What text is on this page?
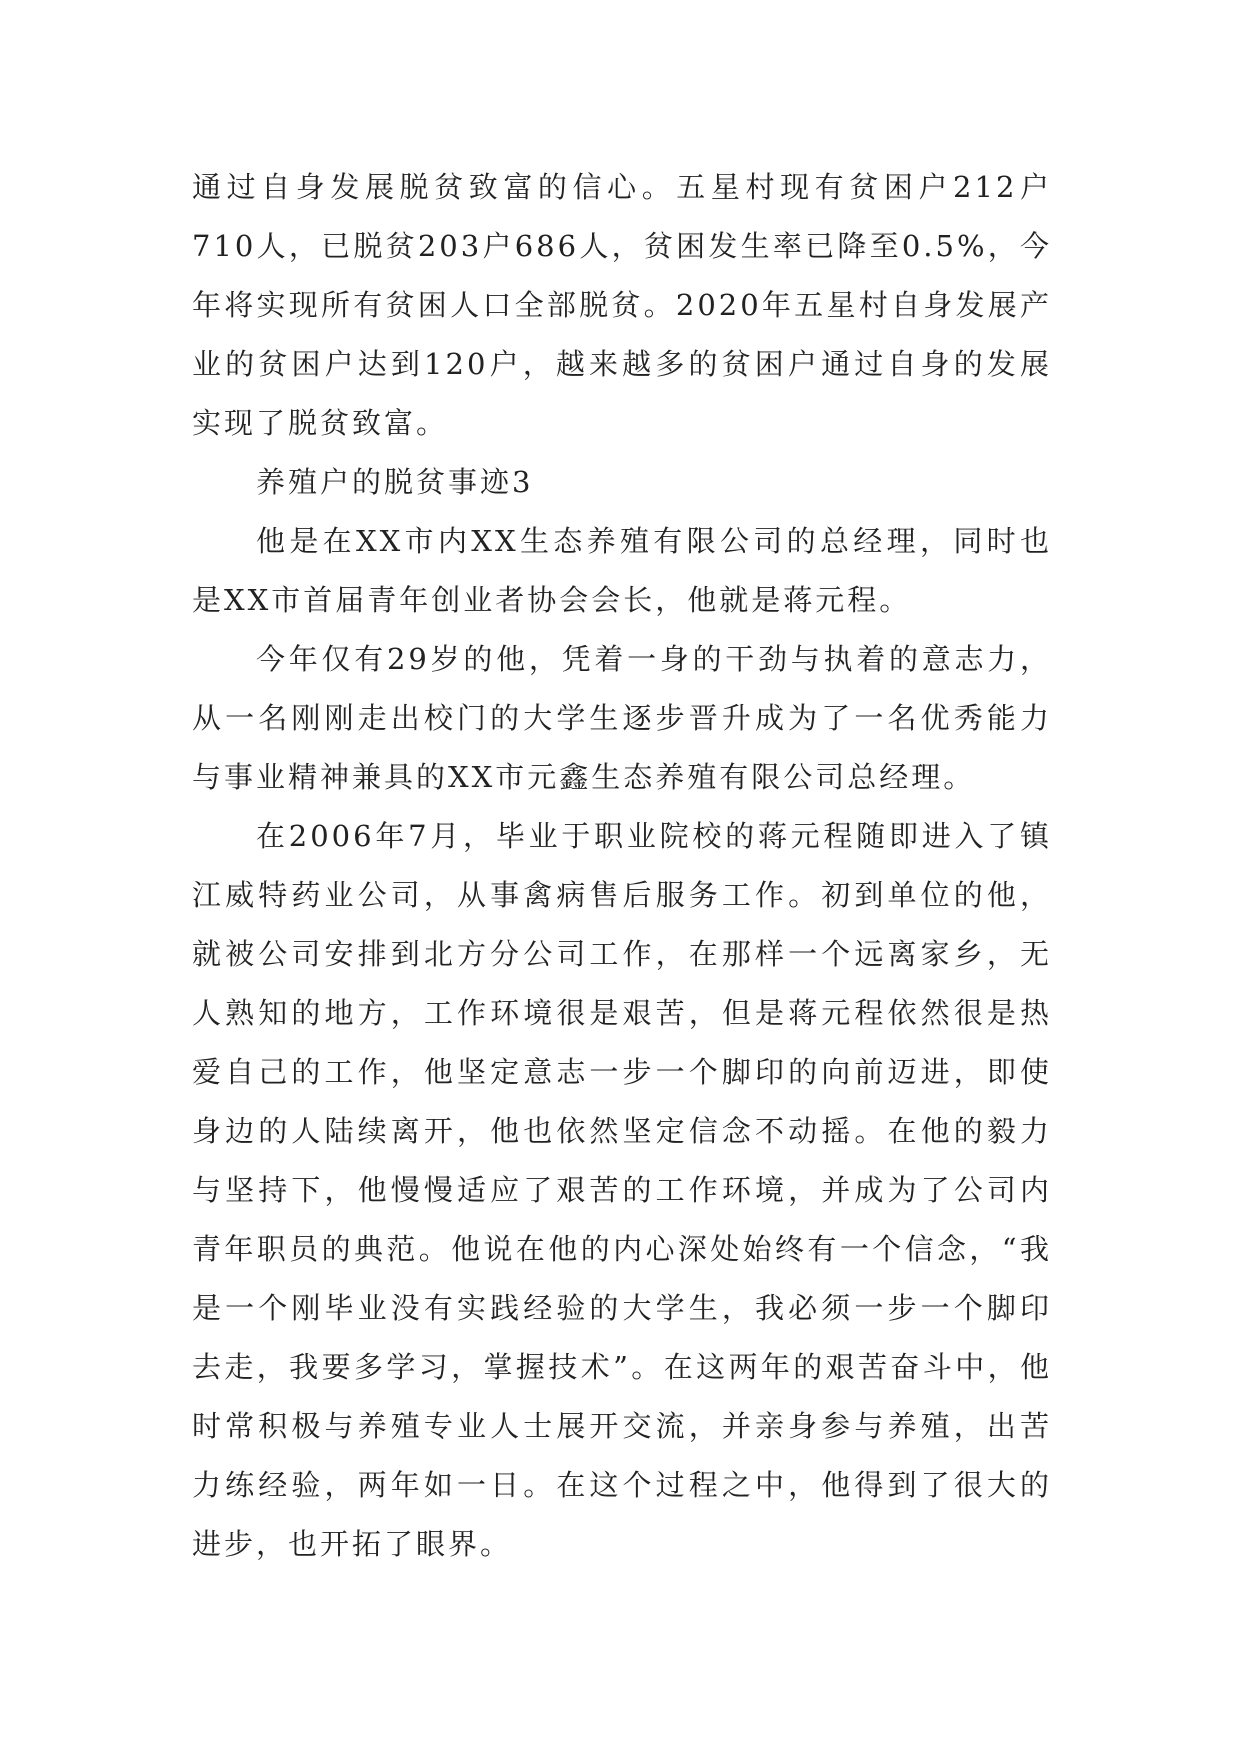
通过自身发展脱贫致富的信心。五星村现有贫困户212户710人，已脱贫203户686人，贫困发生率已降至0.5%，今年将实现所有贫困人口全部脱贫。2020年五星村自身发展产业的贫困户达到120户，越来越多的贫困户通过自身的发展实现了脱贫致富。

养殖户的脱贫事迹3

他是在XX市内XX生态养殖有限公司的总经理，同时也是XX市首届青年创业者协会会长，他就是蒋元程。

今年仅有29岁的他，凭着一身的干劲与执着的意志力，从一名刚刚走出校门的大学生逐步晋升成为了一名优秀能力与事业精神兼具的XX市元鑫生态养殖有限公司总经理。

在2006年7月，毕业于职业院校的蒋元程随即进入了镇江威特药业公司，从事禽病售后服务工作。初到单位的他，就被公司安排到北方分公司工作，在那样一个远离家乡，无人熟知的地方，工作环境很是艰苦，但是蒋元程依然很是热爱自己的工作，他坚定意志一步一个脚印的向前迈进，即使身边的人陆续离开，他也依然坚定信念不动摇。在他的毅力与坚持下，他慢慢适应了艰苦的工作环境，并成为了公司内青年职员的典范。他说在他的内心深处始终有一个信念，“我是一个刚毕业没有实践经验的大学生，我必须一步一个脚印去走，我要多学习，掌握技术”。在这两年的艰苦奋斗中，他时常积极与养殖专业人士展开交流，并亲身参与养殖，出苦力练经验，两年如一日。在这个过程之中，他得到了很大的进步，也开拓了眼界。
